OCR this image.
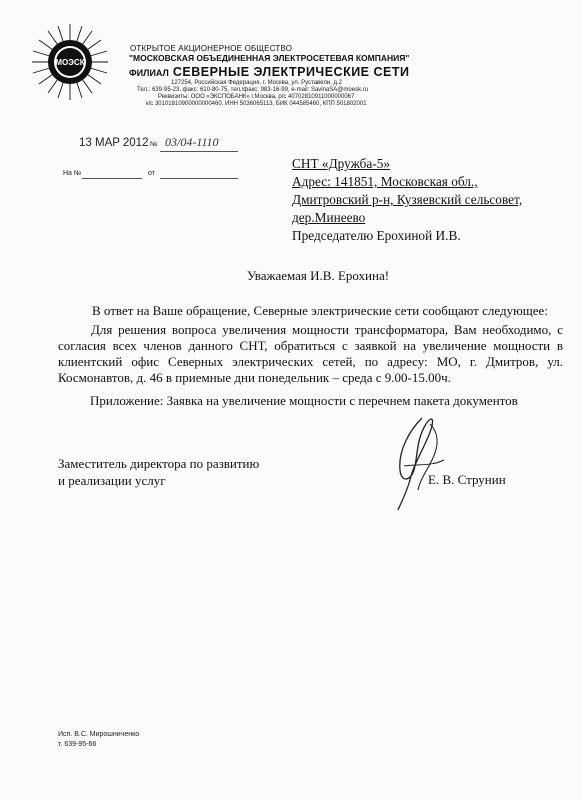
МОЭСК
ОТКРЫТОЕ АКЦИОНЕРНОЕ ОБЩЕСТВО
"МОСКОВСКАЯ ОБЪЕДИНЕННАЯ ЭЛЕКТРОСЕТЕВАЯ КОМПАНИЯ"
ФИЛИАЛ СЕВЕРНЫЕ ЭЛЕКТРИЧЕСКИЕ СЕТИ
127254, Российская Федерация, г. Москва, ул. Руставели, д.2
Тел.: 639-95-23, факс: 610-80-75, тел./факс: 983-16-99, e-mail: SavinaSA@moesk.ru
Реквизиты: ООО «ЭКСПОБАНК» г.Москва, р/с 40702810911000000067
к/с 30101810900000000460, ИНН 5036065113, БИК 044585460, КПП 501802001
13 MAP 2012 № 03/04-1110
На №	от
СНТ «Дружба-5»
Адрес: 141851, Московская обл.,
Дмитровский р-н, Кузяевский сельсовет,
дер.Минеево
Председателю Ерохиной И.В.
Уважаемая И.В. Ерохина!
В ответ на Ваше обращение, Северные электрические сети сообщают следующее:
Для решения вопроса увеличения мощности трансформатора, Вам необходимо, с согласия всех членов данного СНТ, обратиться с заявкой на увеличение мощности в клиентский офис Северных электрических сетей, по адресу: МО, г. Дмитров, ул. Космонавтов, д. 46 в приемные дни понедельник – среда с 9.00-15.00ч.
Приложение: Заявка на увеличение мощности с перечнем пакета документов
Заместитель директора по развитию
и реализации услуг	Е. В. Струнин
Исп. В.С. Мирошниченко
т. 639-95-66
